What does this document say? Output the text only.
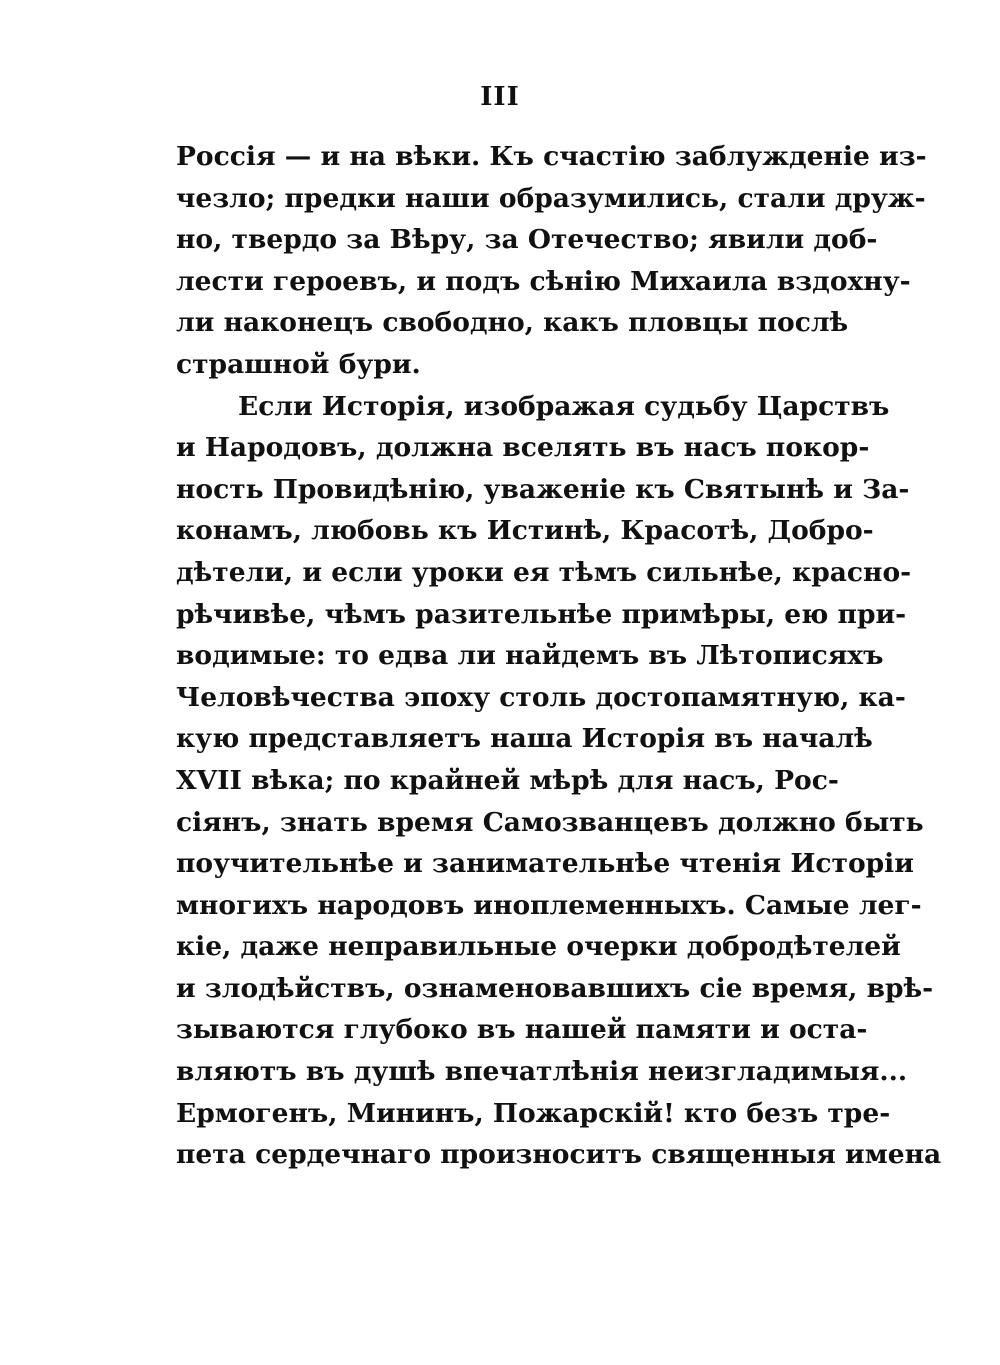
III
Россія — и на вѣки. Къ счастію заблужденіе из-
чезло; предки наши образумились, стали друж-
но, твердо за Вѣру, за Отечество; явили доб-
лести героевъ, и подъ сѣнію Михаила вздохну-
ли наконецъ свободно, какъ пловцы послѣ
страшной бури.
Если Исторія, изображая судьбу Царствъ
и Народовъ, должна вселять въ насъ покор-
ность Провидѣнію, уваженіе къ Святынѣ и За-
конамъ, любовь къ Истинѣ, Красотѣ, Добро-
дѣтели, и если уроки ея тѣмъ сильнѣе, красно-
рѣчивѣе, чѣмъ разительнѣе примѣры, ею при-
водимые: то едва ли найдемъ въ Лѣтописяхъ
Человѣчества эпоху столь достопамятную, ка-
кую представляетъ наша Исторія въ началѣ
XVII вѣка; по крайней мѣрѣ для насъ, Рос-
сіянъ, знать время Самозванцевъ должно быть
поучительнѣе и занимательнѣе чтенія Исторіи
многихъ народовъ иноплеменныхъ. Самые лег-
кіе, даже неправильные очерки добродѣтелей
и злодѣйствъ, ознаменовавшихъ сіе время, врѣ-
зываются глубоко въ нашей памяти и оста-
вляютъ въ душѣ впечатлѣнія неизгладимыя...
Ермогенъ, Мининъ, Пожарскій! кто безъ тре-
пета сердечнаго произноситъ священныя имена
